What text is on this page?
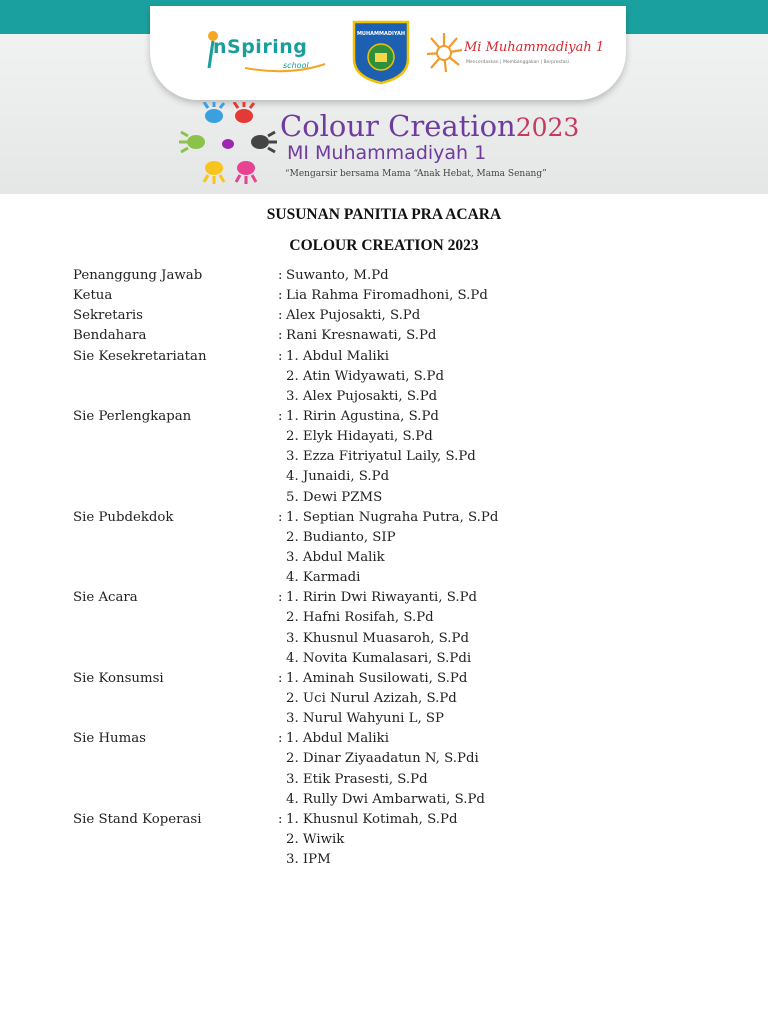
nSpiring
school
MUHAMMADIYAH
Mi Muhammadiyah 1
Mencerdaskan | Membanggakan | Berprestasi
Colour Creation2023
MI Muhammadiyah 1
“Mengarsir bersama Mama “Anak Hebat, Mama Senang”
SUSUNAN PANITIA PRA ACARA
COLOUR CREATION 2023
Penanggung Jawab	: Suwanto, M.Pd
Ketua	: Lia Rahma Firomadhoni, S.Pd
Sekretaris	: Alex Pujosakti, S.Pd
Bendahara	: Rani Kresnawati, S.Pd
Sie Kesekretariatan	: 1. Abdul Maliki
2. Atin Widyawati, S.Pd
3. Alex Pujosakti, S.Pd
Sie Perlengkapan	: 1. Ririn Agustina, S.Pd
2. Elyk Hidayati, S.Pd
3. Ezza Fitriyatul Laily, S.Pd
4. Junaidi, S.Pd
5. Dewi PZMS
Sie Pubdekdok	: 1. Septian Nugraha Putra, S.Pd
2. Budianto, SIP
3. Abdul Malik
4. Karmadi
Sie Acara	: 1. Ririn Dwi Riwayanti, S.Pd
2. Hafni Rosifah, S.Pd
3. Khusnul Muasaroh, S.Pd
4. Novita Kumalasari, S.Pdi
Sie Konsumsi	: 1. Aminah Susilowati, S.Pd
2. Uci Nurul Azizah, S.Pd
3. Nurul Wahyuni L, SP
Sie Humas	: 1. Abdul Maliki
2. Dinar Ziyaadatun N, S.Pdi
3. Etik Prasesti, S.Pd
4. Rully Dwi Ambarwati, S.Pd
Sie Stand Koperasi	: 1. Khusnul Kotimah, S.Pd
2. Wiwik
3. IPM
